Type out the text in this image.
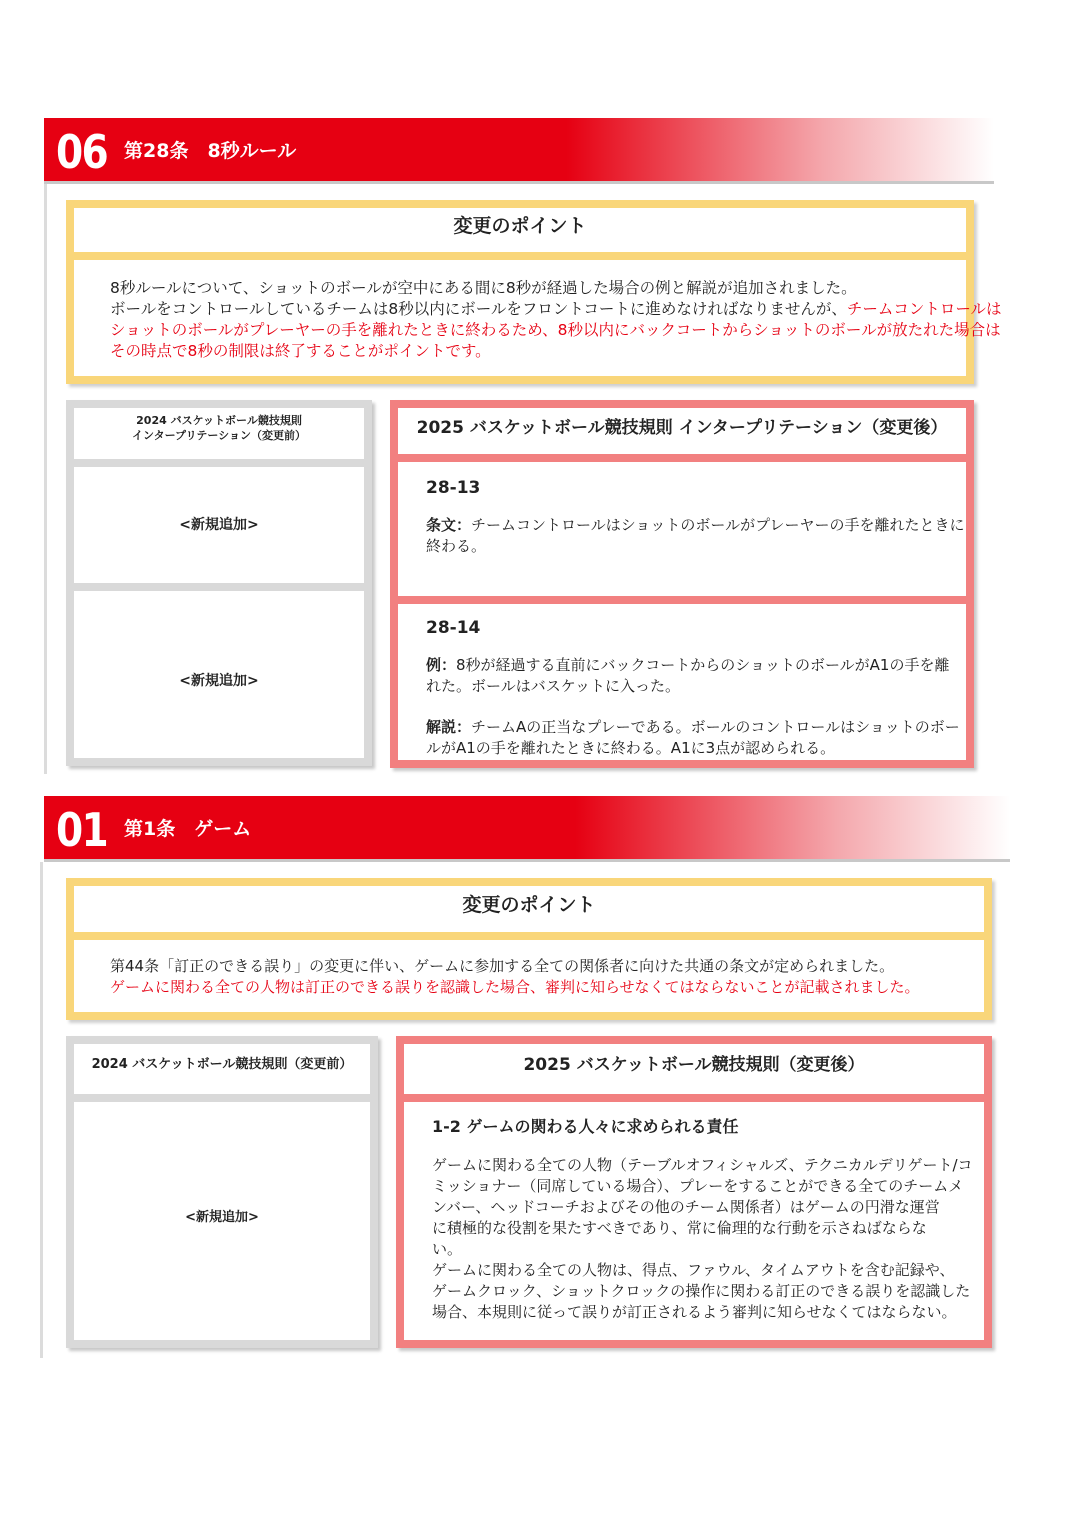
06 第28条　8秒ルール
変更のポイント
8秒ルールについて、ショットのボールが空中にある間に8秒が経過した場合の例と解説が追加されました。
ボールをコントロールしているチームは8秒以内にボールをフロントコートに進めなければなりませんが、チームコントロールは
ショットのボールがプレーヤーの手を離れたときに終わるため、8秒以内にバックコートからショットのボールが放たれた場合は
その時点で8秒の制限は終了することがポイントです。
2024 バスケットボール競技規則
インタープリテーション（変更前）
<新規追加>
<新規追加>
2025 バスケットボール競技規則 インタープリテーション（変更後）
28-13
条文：チームコントロールはショットのボールがプレーヤーの手を離れたときに
終わる。
28-14
例：8秒が経過する直前にバックコートからのショットのボールがA1の手を離
れた。ボールはバスケットに入った。
解説：チームAの正当なプレーである。ボールのコントロールはショットのボー
ルがA1の手を離れたときに終わる。A1に3点が認められる。
01 第1条　ゲーム
変更のポイント
第44条「訂正のできる誤り」の変更に伴い、ゲームに参加する全ての関係者に向けた共通の条文が定められました。
ゲームに関わる全ての人物は訂正のできる誤りを認識した場合、審判に知らせなくてはならないことが記載されました。
2024 バスケットボール競技規則（変更前）
<新規追加>
2025 バスケットボール競技規則（変更後）
1-2 ゲームの関わる人々に求められる責任
ゲームに関わる全ての人物（テーブルオフィシャルズ、テクニカルデリゲート/コ
ミッショナー（同席している場合）、プレーをすることができる全てのチームメ
ンバー、ヘッドコーチおよびその他のチーム関係者）はゲームの円滑な運営
に積極的な役割を果たすべきであり、常に倫理的な行動を示さねばならな
い。
ゲームに関わる全ての人物は、得点、ファウル、タイムアウトを含む記録や、
ゲームクロック、ショットクロックの操作に関わる訂正のできる誤りを認識した
場合、本規則に従って誤りが訂正されるよう審判に知らせなくてはならない。
